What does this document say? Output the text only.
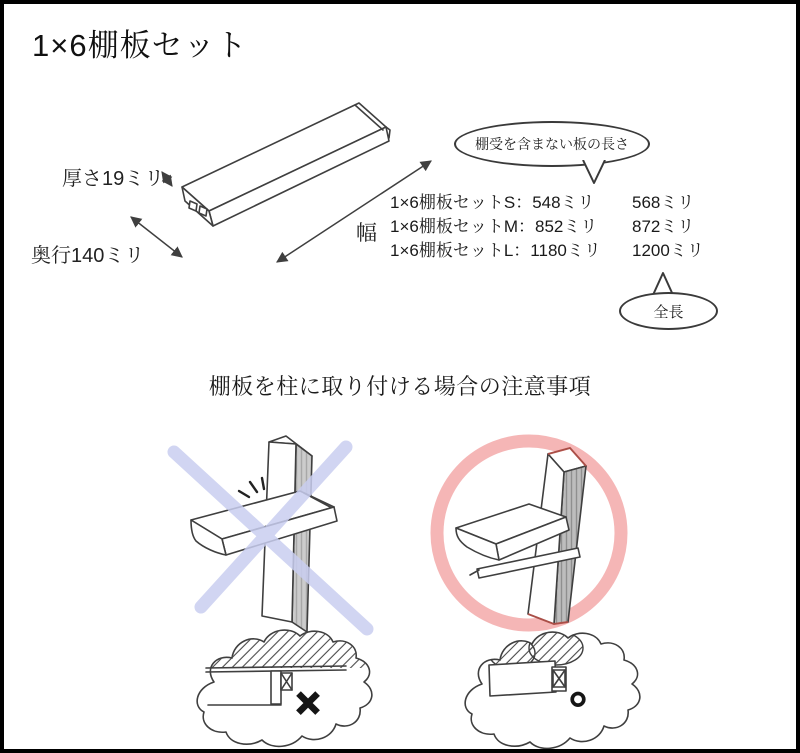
1×6棚板セット
厚さ19ミリ
奥行140ミリ
幅
棚受を含まない板の長さ
1×6棚板セットS：548ミリ	568ミリ
1×6棚板セットM：852ミリ	872ミリ
1×6棚板セットL：1180ミリ	1200ミリ
全長
棚板を柱に取り付ける場合の注意事項
×	○
